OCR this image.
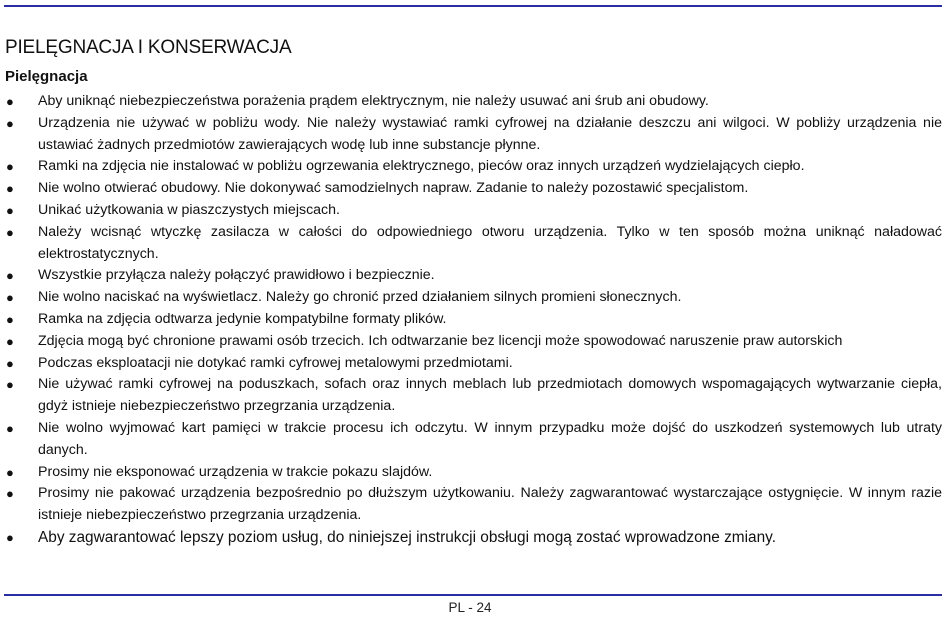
PIELĘGNACJA I KONSERWACJA
Pielęgnacja
● Aby uniknąć niebezpieczeństwa porażenia prądem elektrycznym, nie należy usuwać ani śrub ani obudowy.
● Urządzenia nie używać w pobliżu wody. Nie należy wystawiać ramki cyfrowej na działanie deszczu ani wilgoci. W pobliży urządzenia nie ustawiać żadnych przedmiotów zawierających wodę lub inne substancje płynne.
● Ramki na zdjęcia nie instalować w pobliżu ogrzewania elektrycznego, pieców oraz innych urządzeń wydzielających ciepło.
● Nie wolno otwierać obudowy. Nie dokonywać samodzielnych napraw. Zadanie to należy pozostawić specjalistom.
● Unikać użytkowania w piaszczystych miejscach.
● Należy wcisnąć wtyczkę zasilacza w całości do odpowiedniego otworu urządzenia. Tylko w ten sposób można uniknąć naładować elektrostatycznych.
● Wszystkie przyłącza należy połączyć prawidłowo i bezpiecznie.
● Nie wolno naciskać na wyświetlacz. Należy go chronić przed działaniem silnych promieni słonecznych.
● Ramka na zdjęcia odtwarza jedynie kompatybilne formaty plików.
● Zdjęcia mogą być chronione prawami osób trzecich. Ich odtwarzanie bez licencji może spowodować naruszenie praw autorskich
● Podczas eksploatacji nie dotykać ramki cyfrowej metalowymi przedmiotami.
● Nie używać ramki cyfrowej na poduszkach, sofach oraz innych meblach lub przedmiotach domowych wspomagających wytwarzanie ciepła, gdyż istnieje niebezpieczeństwo przegrzania urządzenia.
● Nie wolno wyjmować kart pamięci w trakcie procesu ich odczytu. W innym przypadku może dojść do uszkodzeń systemowych lub utraty danych.
● Prosimy nie eksponować urządzenia w trakcie pokazu slajdów.
● Prosimy nie pakować urządzenia bezpośrednio po dłuższym użytkowaniu. Należy zagwarantować wystarczające ostygnięcie. W innym razie istnieje niebezpieczeństwo przegrzania urządzenia.
● Aby zagwarantować lepszy poziom usług, do niniejszej instrukcji obsługi mogą zostać wprowadzone zmiany.
PL - 24
